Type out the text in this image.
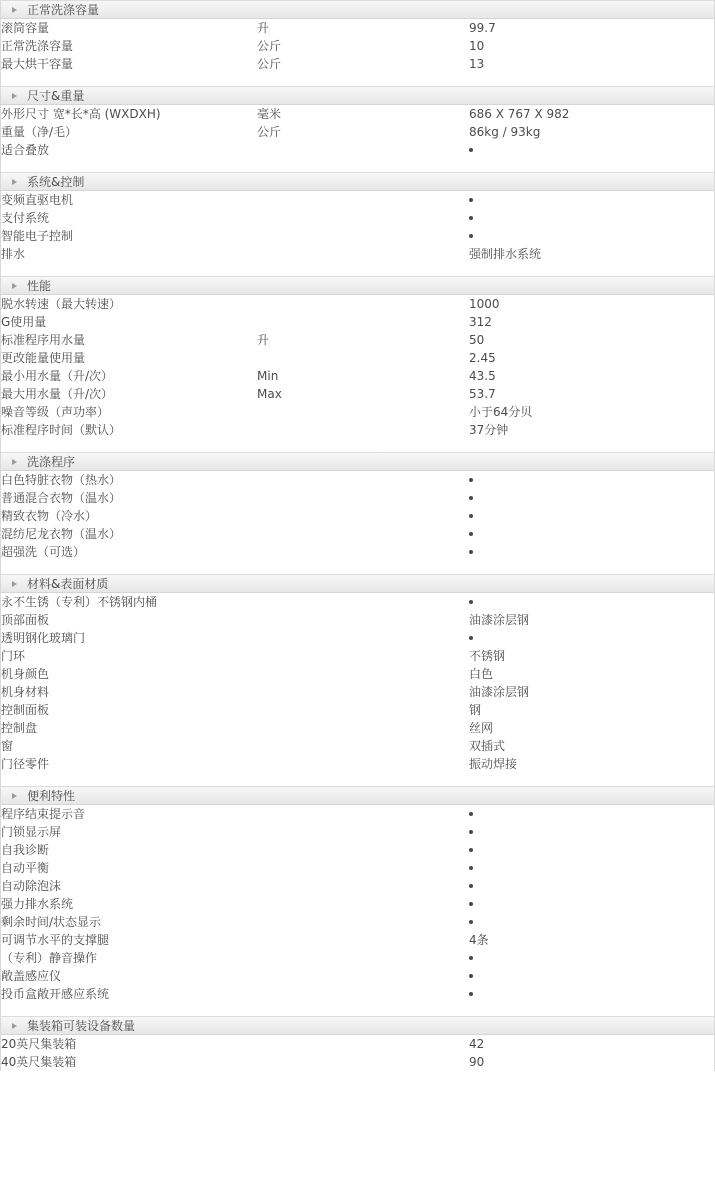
正常洗涤容量
滚筒容量	升	99.7
正常洗涤容量	公斤	10
最大烘干容量	公斤	13
尺寸&重量
外形尺寸 宽*长*高 (WXDXH)	毫米	686 X 767 X 982
重量（净/毛）	公斤	86kg / 93kg
适合叠放		
系统&控制
变频直驱电机		
支付系统		
智能电子控制		
排水		强制排水系统
性能
脱水转速（最大转速）		1000
G使用量		312
标准程序用水量	升	50
更改能量使用量		2.45
最小用水量（升/次）	Min	43.5
最大用水量（升/次）	Max	53.7
噪音等级（声功率）		小于64分贝
标准程序时间（默认）		37分钟
洗涤程序
白色特脏衣物（热水）		
普通混合衣物（温水）		
精致衣物（冷水）		
混纺尼龙衣物（温水）		
超强洗（可选）		
材料&表面材质
永不生锈（专利）不锈钢内桶		
顶部面板		油漆涂层钢
透明钢化玻璃门		
门环		不锈钢
机身颜色		白色
机身材料		油漆涂层钢
控制面板		钢
控制盘		丝网
窗		双插式
门径零件		振动焊接
便利特性
程序结束提示音		
门锁显示屏		
自我诊断		
自动平衡		
自动除泡沫		
强力排水系统		
剩余时间/状态显示		
可调节水平的支撑腿		4条
（专利）静音操作		
敞盖感应仪		
投币盒敞开感应系统		
集装箱可装设备数量
20英尺集装箱		42
40英尺集装箱		90
